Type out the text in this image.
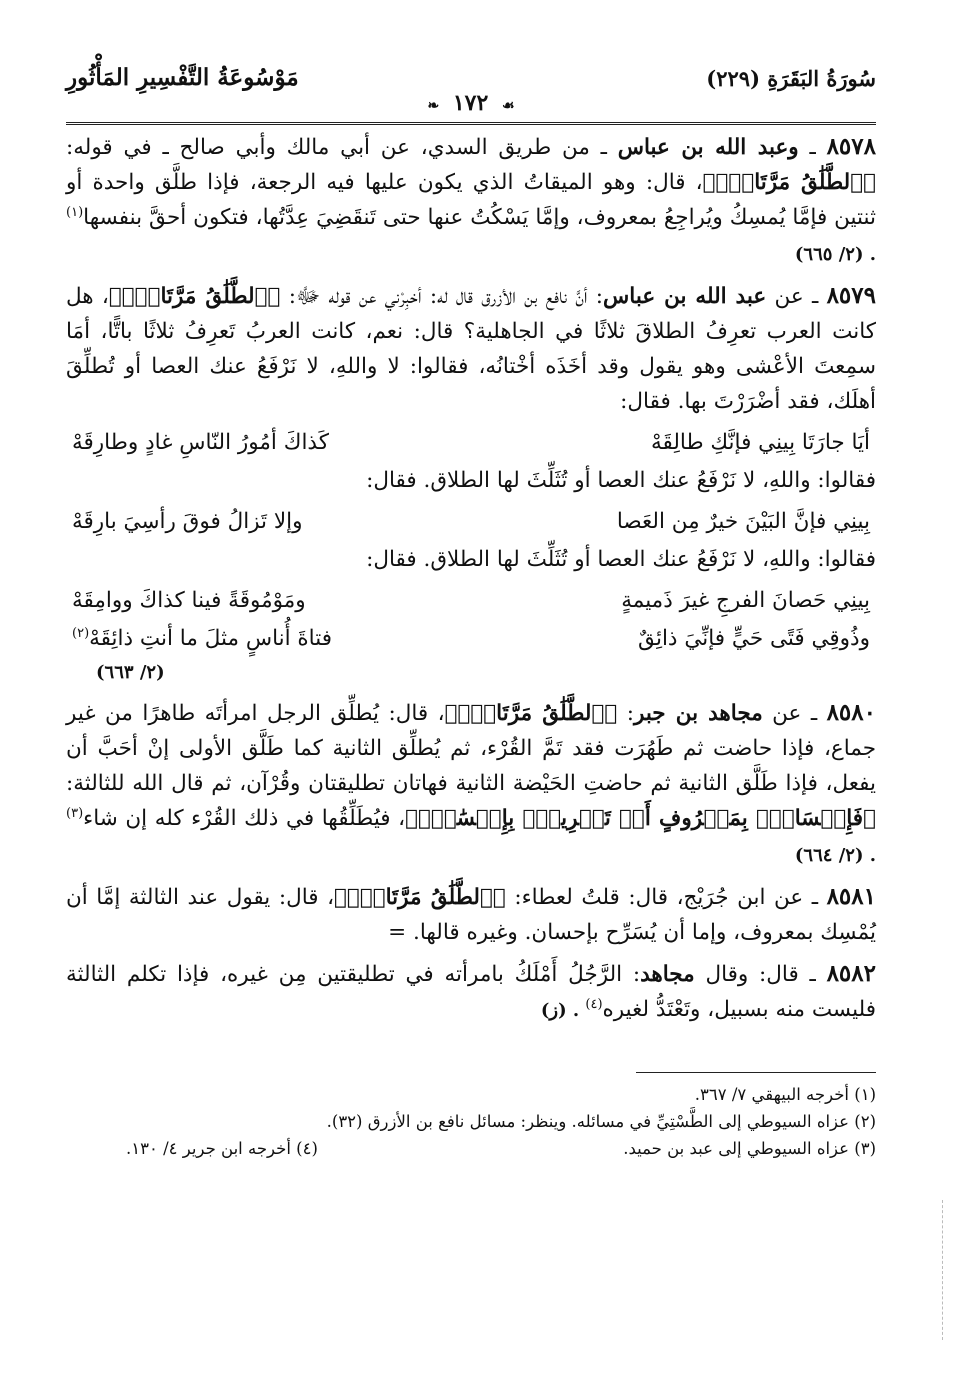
سُورَةُ البَقَرَةِ (٢٢٩)
مَوْسُوعَةُ التَّفْسِيرِ المَأْثُورِ
☙ ١٧٢ ❧

٨٥٧٨ ـ وعبد الله بن عباس ـ من طريق السدي، عن أبي مالك وأبي صالح ـ في قوله: ﴿ٱلطَّلَٰقُ مَرَّتَانِۖ﴾، قال: وهو الميقاتُ الذي يكون عليها فيه الرجعة، فإذا طلَّق واحدة أو ثنتين فإمَّا يُمسِكُ ويُراجِعُ بمعروف، وإمَّا يَسْكُتُ عنها حتى تَنقَضِيَ عِدَّتُها، فتكون أحقَّ بنفسها$^{(١)}$ . (٢/ ٦٦٥)

٨٥٧٩ ـ عن عبد الله بن عباس: أنَّ نافع بن الأزرق قال له: أخبِرْني عن قوله ﷻ: ﴿ٱلطَّلَٰقُ مَرَّتَانِۖ﴾، هل كانت العرب تعرِفُ الطلاقَ ثلاثًا في الجاهلية؟ قال: نعم، كانت العربُ تَعرِفُ ثلاثًا باتًّا، أمَا سمِعتَ الأعْشى وهو يقول وقد أخَذَه أخْتانُه، فقالوا: لا واللهِ، لا نَرْفَعُ عنك العصا أو تُطلِّقَ أهلَك، فقد أضْرَرْتَ بها. فقال:

أيَا جارَتَا بِينِي فإنَّكِ طالِقَهْ
كَذاكَ أمُورُ النّاسِ غادٍ وطارِقَهْ

فقالوا: واللهِ، لا نَرْفَعُ عنك العصا أو تُثَلِّثَ لها الطلاق. فقال:

بِينِي فإنَّ البَيْنَ خيرٌ مِن العَصا
وإلا تَزالُ فوقَ رأسِيَ بارِقَهْ

فقالوا: واللهِ، لا نَرْفَعُ عنك العصا أو تُثَلِّثَ لها الطلاق. فقال:

بِينِي حَصانَ الفرجِ غيرَ ذَميمةٍ
ومَوْمُوقَةً فينا كذاكَ ووامِقَهْ
وذُوقِي فَتًى حَيٍّ فإنِّيَ ذائِقٌ
فتاةَ أُناسٍ مثلَ ما أنتِ ذائِقَهْ$^{(٢)}$
(٢/ ٦٦٣)

٨٥٨٠ ـ عن مجاهد بن جبر: ﴿ٱلطَّلَٰقُ مَرَّتَانِۖ﴾، قال: يُطلِّق الرجل امرأتَه طاهرًا من غير جماع، فإذا حاضت ثم طَهُرَت فقد تَمَّ القُرْء، ثم يُطلِّق الثانية كما طَلَّق الأولى إنْ أحَبَّ أن يفعل، فإذا طَلَّق الثانية ثم حاضتِ الحَيْضة الثانية فهاتان تطليقتان وقُرْآن، ثم قال الله للثالثة: ﴿فَإِمۡسَاكُۢ بِمَعۡرُوفٍ أَوۡ تَسۡرِيحُۢ بِإِحۡسَٰنٍۗ﴾، فيُطَلِّقُها في ذلك القُرْء كله إن شاء$^{(٣)}$ . (٢/ ٦٦٤)

٨٥٨١ ـ عن ابن جُرَيْج، قال: قلتُ لعطاء: ﴿ٱلطَّلَٰقُ مَرَّتَانِۖ﴾، قال: يقول عند الثالثة إمَّا أن يُمْسِك بمعروف، وإما أن يُسَرِّح بإحسان. وغيره قالها. =

٨٥٨٢ ـ قال: وقال مجاهد: الرَّجُلُ أَمْلَكُ بامرأته في تطليقتين مِن غيره، فإذا تكلم الثالثة فليست منه بسبيل، وتَعْتَدُّ لغيره$^{(٤)}$ . (ز)

(١) أخرجه البيهقي ٧/ ٣٦٧.
(٢) عزاه السيوطي إلى الطَّسْتِيِّ في مسائله. وينظر: مسائل نافع بن الأزرق (٣٢).
(٣) عزاه السيوطي إلى عبد بن حميد.
(٤) أخرجه ابن جرير ٤/ ١٣٠.
